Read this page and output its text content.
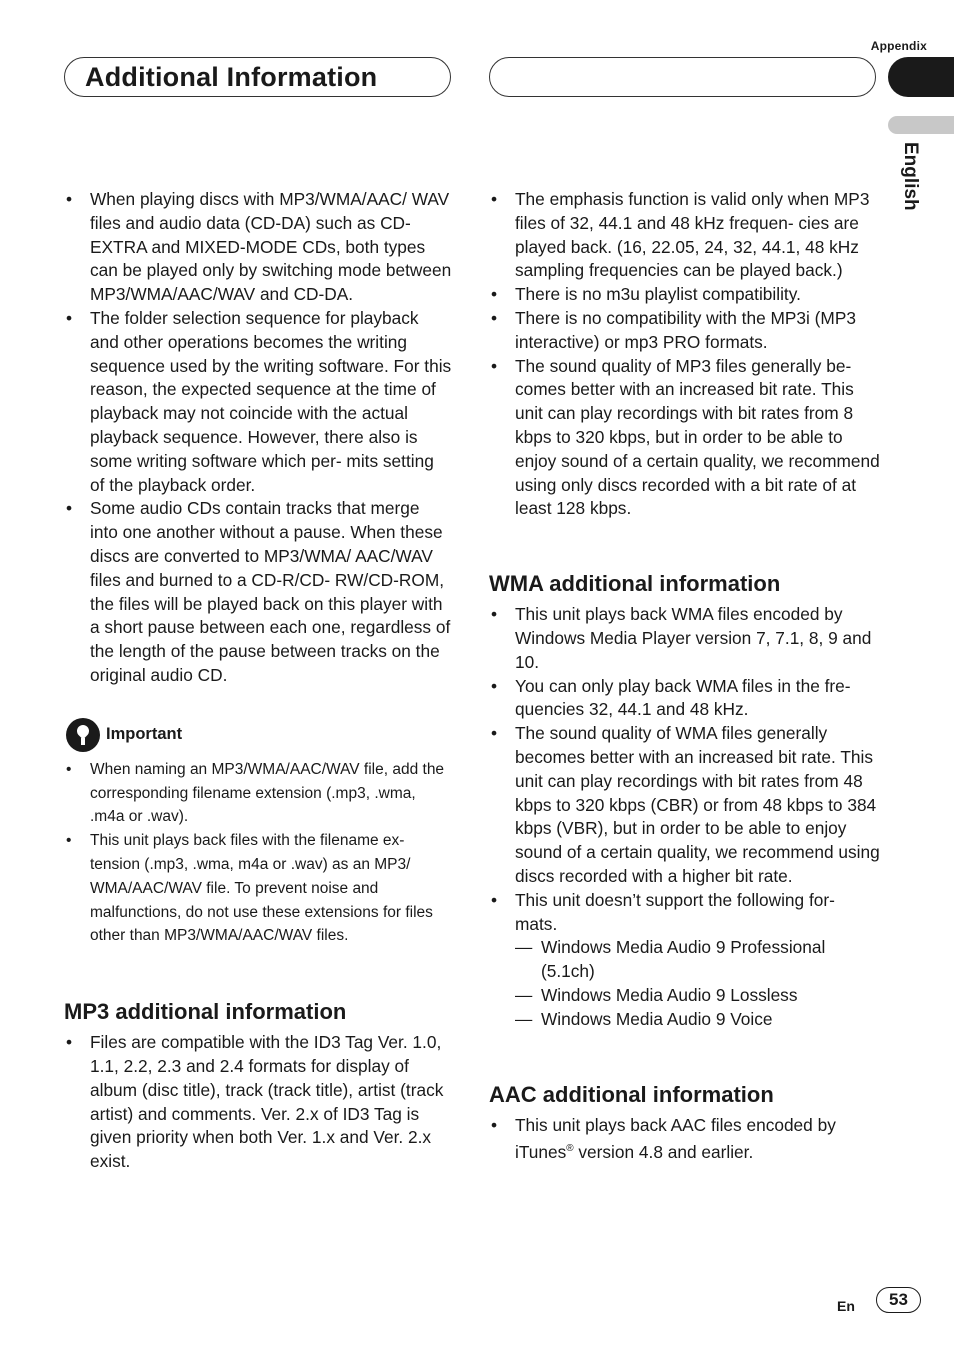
Appendix
Additional Information
English
• When playing discs with MP3/WMA/AAC/ WAV files and audio data (CD-DA) such as CD-EXTRA and MIXED-MODE CDs, both types can be played only by switching mode between MP3/WMA/AAC/WAV and CD-DA.
• The folder selection sequence for playback and other operations becomes the writing sequence used by the writing software. For this reason, the expected sequence at the time of playback may not coincide with the actual playback sequence. However, there also is some writing software which per- mits setting of the playback order.
• Some audio CDs contain tracks that merge into one another without a pause. When these discs are converted to MP3/WMA/ AAC/WAV files and burned to a CD-R/CD- RW/CD-ROM, the files will be played back on this player with a short pause between each one, regardless of the length of the pause between tracks on the original audio CD.
Important
• When naming an MP3/WMA/AAC/WAV file, add the corresponding filename extension (.mp3, .wma, .m4a or .wav).
• This unit plays back files with the filename ex- tension (.mp3, .wma, m4a or .wav) as an MP3/ WMA/AAC/WAV file. To prevent noise and malfunctions, do not use these extensions for files other than MP3/WMA/AAC/WAV files.
MP3 additional information
• Files are compatible with the ID3 Tag Ver. 1.0, 1.1, 2.2, 2.3 and 2.4 formats for display of album (disc title), track (track title), artist (track artist) and comments. Ver. 2.x of ID3 Tag is given priority when both Ver. 1.x and Ver. 2.x exist.
• The emphasis function is valid only when MP3 files of 32, 44.1 and 48 kHz frequen- cies are played back. (16, 22.05, 24, 32, 44.1, 48 kHz sampling frequencies can be played back.)
• There is no m3u playlist compatibility.
• There is no compatibility with the MP3i (MP3 interactive) or mp3 PRO formats.
• The sound quality of MP3 files generally be- comes better with an increased bit rate. This unit can play recordings with bit rates from 8 kbps to 320 kbps, but in order to be able to enjoy sound of a certain quality, we recommend using only discs recorded with a bit rate of at least 128 kbps.
WMA additional information
• This unit plays back WMA files encoded by Windows Media Player version 7, 7.1, 8, 9 and 10.
• You can only play back WMA files in the fre- quencies 32, 44.1 and 48 kHz.
• The sound quality of WMA files generally becomes better with an increased bit rate. This unit can play recordings with bit rates from 48 kbps to 320 kbps (CBR) or from 48 kbps to 384 kbps (VBR), but in order to be able to enjoy sound of a certain quality, we recommend using discs recorded with a higher bit rate.
• This unit doesn’t support the following for- mats.
— Windows Media Audio 9 Professional (5.1ch)
— Windows Media Audio 9 Lossless
— Windows Media Audio 9 Voice
AAC additional information
• This unit plays back AAC files encoded by iTunes® version 4.8 and earlier.
En	53
